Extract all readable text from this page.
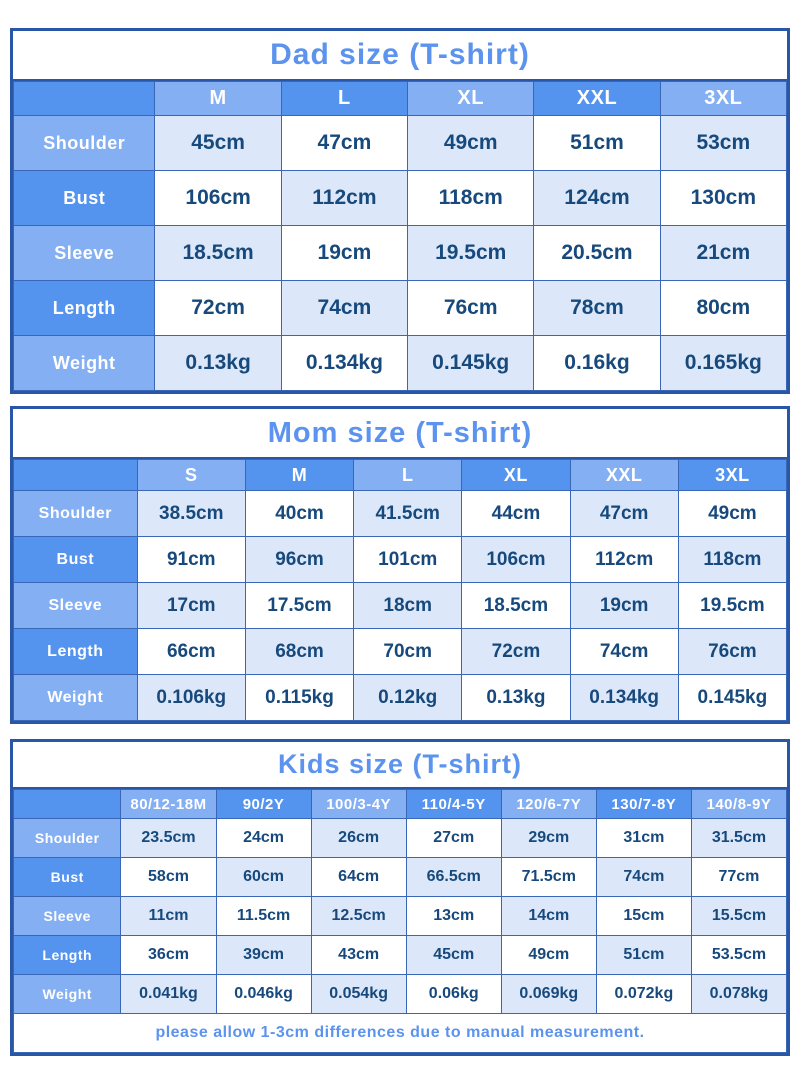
Dad size (T-shirt)
	M	L	XL	XXL	3XL
Shoulder	45cm	47cm	49cm	51cm	53cm
Bust	106cm	112cm	118cm	124cm	130cm
Sleeve	18.5cm	19cm	19.5cm	20.5cm	21cm
Length	72cm	74cm	76cm	78cm	80cm
Weight	0.13kg	0.134kg	0.145kg	0.16kg	0.165kg
Mom size (T-shirt)
	S	M	L	XL	XXL	3XL
Shoulder	38.5cm	40cm	41.5cm	44cm	47cm	49cm
Bust	91cm	96cm	101cm	106cm	112cm	118cm
Sleeve	17cm	17.5cm	18cm	18.5cm	19cm	19.5cm
Length	66cm	68cm	70cm	72cm	74cm	76cm
Weight	0.106kg	0.115kg	0.12kg	0.13kg	0.134kg	0.145kg
Kids size (T-shirt)
	80/12-18M	90/2Y	100/3-4Y	110/4-5Y	120/6-7Y	130/7-8Y	140/8-9Y
Shoulder	23.5cm	24cm	26cm	27cm	29cm	31cm	31.5cm
Bust	58cm	60cm	64cm	66.5cm	71.5cm	74cm	77cm
Sleeve	11cm	11.5cm	12.5cm	13cm	14cm	15cm	15.5cm
Length	36cm	39cm	43cm	45cm	49cm	51cm	53.5cm
Weight	0.041kg	0.046kg	0.054kg	0.06kg	0.069kg	0.072kg	0.078kg
please allow 1-3cm differences due to manual measurement.							
